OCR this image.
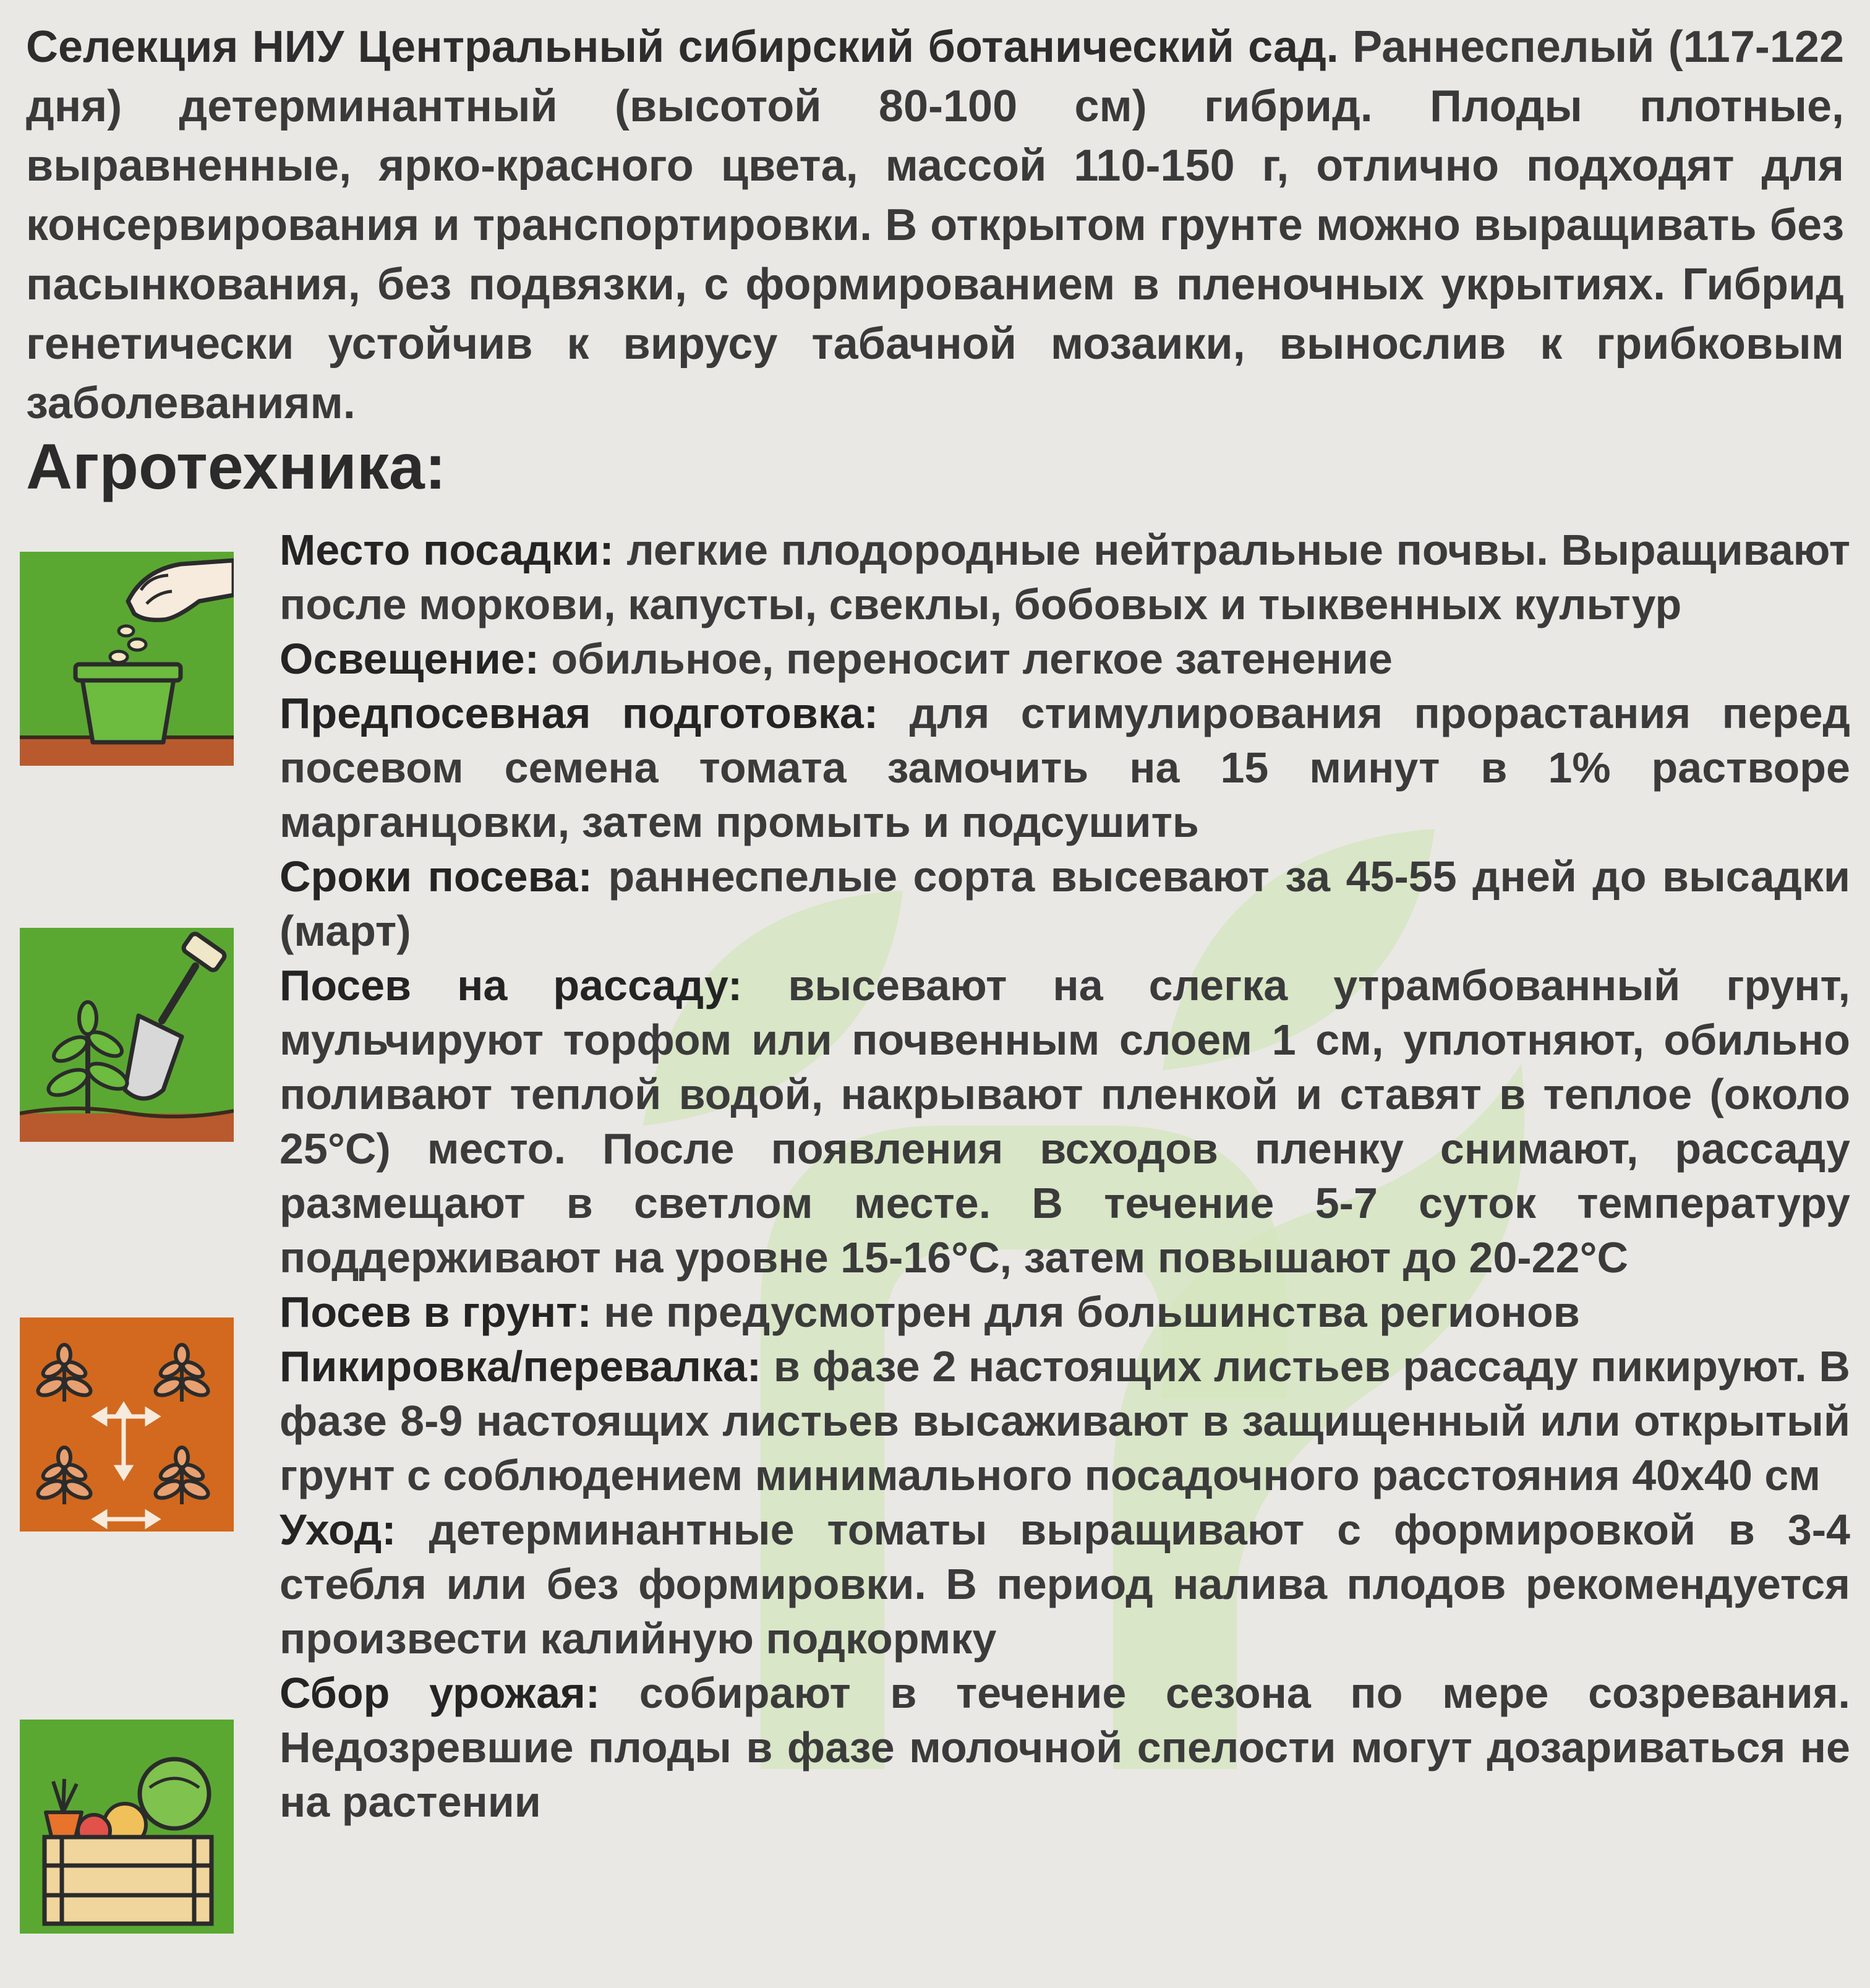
Селекция НИУ Центральный сибирский ботанический сад. Раннеспелый (117-122 дня) детерминантный (высотой 80-100 см) гибрид. Плоды плотные, выравненные, ярко-красного цвета, массой 110-150 г, отлично подходят для консервирования и транспортировки. В открытом грунте можно выращивать без пасынкования, без подвязки, с формированием в пленочных укрытиях. Гибрид генетически устойчив к вирусу табачной мозаики, вынослив к грибковым заболеваниям.

Агротехника:
Место посадки: легкие плодородные нейтральные почвы. Выращивают после моркови, капусты, свеклы, бобовых и тыквенных культур
Освещение: обильное, переносит легкое затенение
Предпосевная подготовка: для стимулирования прорастания перед посевом семена томата замочить на 15 минут в 1% растворе марганцовки, затем промыть и подсушить
Сроки посева: раннеспелые сорта высевают за 45-55 дней до высадки (март)
Посев на рассаду: высевают на слегка утрамбованный грунт, мульчируют торфом или почвенным слоем 1 см, уплотняют, обильно поливают теплой водой, накрывают пленкой и ставят в теплое (около 25°С) место. После появления всходов пленку снимают, рассаду размещают в светлом месте. В течение 5-7 суток температуру поддерживают на уровне 15-16°С, затем повышают до 20-22°С
Посев в грунт: не предусмотрен для большинства регионов
Пикировка/перевалка: в фазе 2 настоящих листьев рассаду пикируют. В фазе 8-9 настоящих листьев высаживают в защищенный или открытый грунт с соблюдением минимального посадочного расстояния 40х40 см
Уход: детерминантные томаты выращивают с формировкой в 3-4 стебля или без формировки. В период налива плодов рекомендуется произвести калийную подкормку
Сбор урожая: собирают в течение сезона по мере созревания. Недозревшие плоды в фазе молочной спелости могут дозариваться не на растении
